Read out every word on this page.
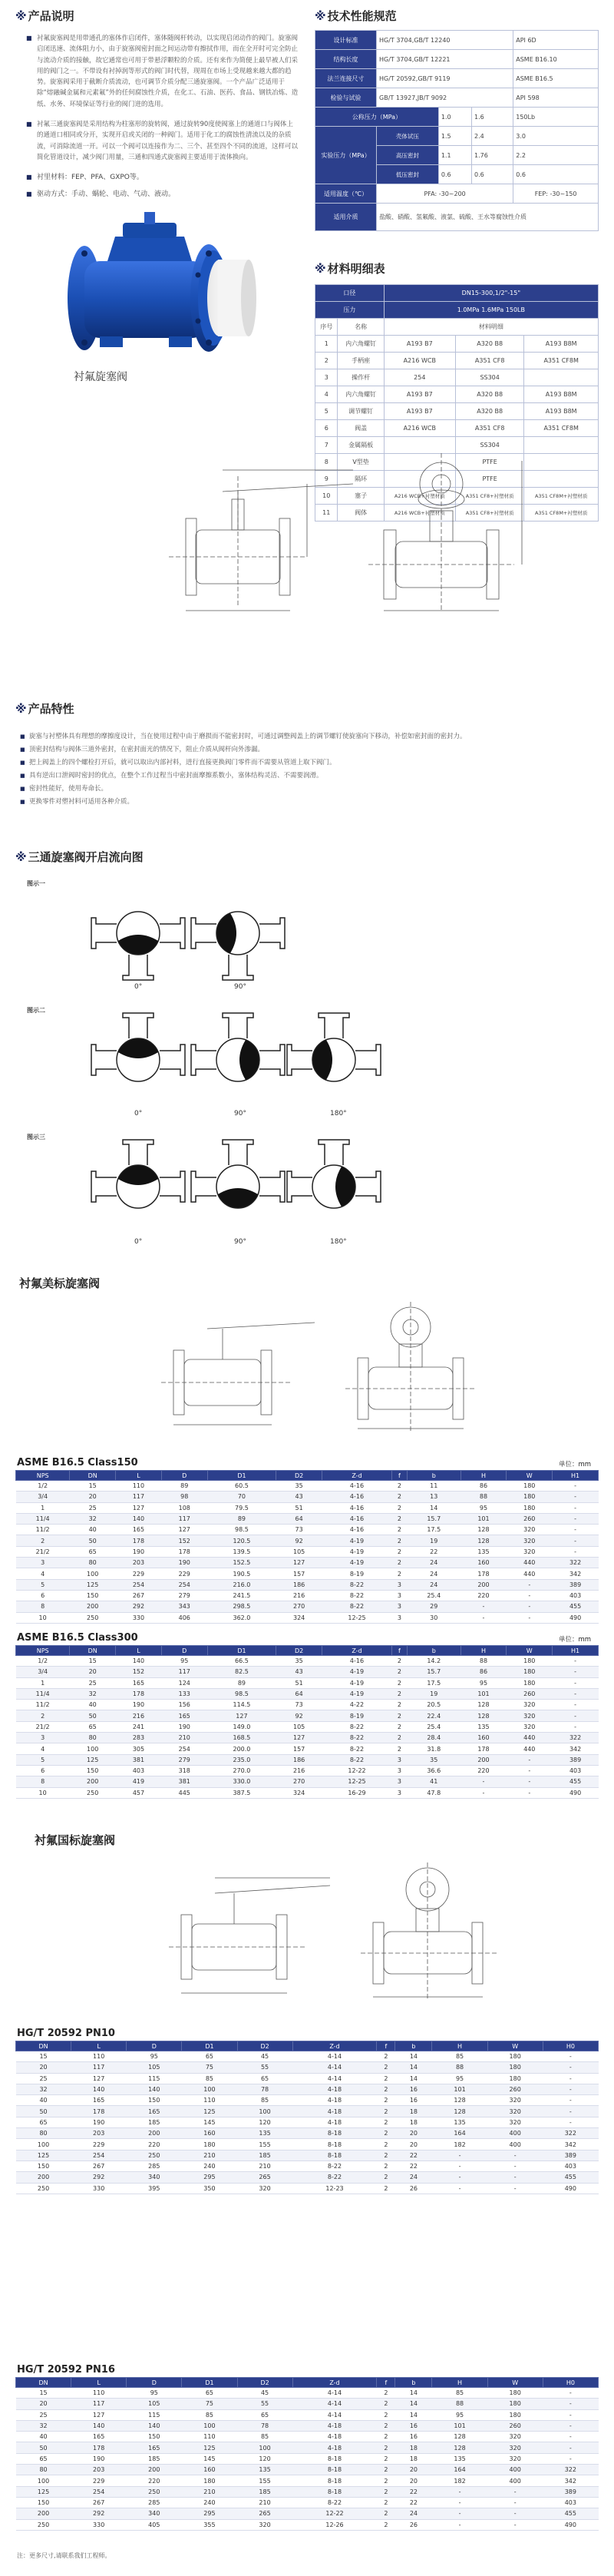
※ 产品说明
■ 衬氟旋塞阀是用带通孔的塞体作启闭件，塞体随阀杆转动，以实现启闭动作的阀门。旋塞阀启闭迅速、流体阻力小，由于旋塞阀密封面之间运动带有擦拭作用，而在全开时可完全防止与流动介质的接触，故它通常也可用于带悬浮颗粒的介质。还有来作为简便上最早被人们采用的阀门之一。不带设有衬掉润等形式的阀门时代替，现周在市场上受现越来越大都的趋势。旋塞阀采用于截断介质流动，也可调节介质分配三通旋塞阀。一个产品广泛适用于除“熔融碱金属和元素氟”外的任何腐蚀性介质，在化工、石油、医药、食品、钢铁冶炼、造纸、水务、环境保证等行业的阀门迸的选用。
■ 衬氟三通旋塞阀是采用结构为柱塞形的旋转阀，通过旋转90度使阀塞上的通道口与阀体上的通道口相同或分开，实现开启或关闭的一种阀门。适用于化工的腐蚀性清流以及的杂质流，可消除流道一开。可以一个阀可以连接作为二、三个、甚至四个不同的流道，这样可以简化管道设计，减少阀门用量，三通和四通式旋塞阀主要适用于流体换向。
■ 衬里材料：FEP、PFA、GXPO等。
■ 驱动方式：手动、蜗轮、电动、气动、液动。
衬氟旋塞阀
※ 技术性能规范
设计标准	HG/T 3704,GB/T 12240			API 6D
结构长度	HG/T 3704,GB/T 12221			ASME B16.10
法兰连接尺寸	HG/T 20592,GB/T 9119			ASME B16.5
检验与试验	GB/T 13927,JB/T 9092			API 598
公称压力（MPa）		1.0	1.6	150Lb
实验压力（MPa）	壳体试压	1.5	2.4	3.0
	高压密封	1.1	1.76	2.2
	低压密封	0.6	0.6	0.6
适用温度（℃）	PFA: -30~200			FEP: -30~150
适用介质	盐酸、硝酸、氢氟酸、液氯、硫酸、王水等腐蚀性介质			
※ 材料明细表
口径		DN15-300,1/2"-15"		
压力		1.0MPa 1.6MPa 150LB		
序号	名称	材料明细		
1	内六角螺钉	A193 B7	A320 B8	A193 B8M
2	手柄座	A216 WCB	A351 CF8	A351 CF8M
3	操作杆	254	SS304	
4	内六角螺钉	A193 B7	A320 B8	A193 B8M
5	调节螺钉	A193 B7	A320 B8	A193 B8M
6	阀盖	A216 WCB	A351 CF8	A351 CF8M
7	金属隔板		SS304	
8	V型垫		PTFE	
9	隔环		PTFE	
10	塞子	A216 WCB+衬塑材质	A351 CF8+衬塑材质	A351 CF8M+衬塑材质
11	阀体	A216 WCB+衬塑材质	A351 CF8+衬塑材质	A351 CF8M+衬塑材质
※ 产品特性
■ 旋塞与衬塑体具有理想的摩擦度设计，当在使用过程中由于磨损而不能密封时，可通过调整阀盖上的调节螺钉使旋塞向下移动，补偿如密封面的密封力。
■ 顶密封结构与阀体三道外密封，在密封面光的情况下，阻止介质从阀杆向外渗漏。
■ 把上阀盖上的四个螺栓打开后，就可以取出内部衬料，进行直接更换阀门零件而不需要从管道上取下阀门。
■ 具有逆出口泄阀时密封的优点，在整个工作过程当中密封面摩擦系数小，塞体结构灵活、不需要润滑。
■ 密封性能好，使用寿命长。
■ 更换零件对塑衬料可适用各种介质。
※ 三通旋塞阀开启流向图
图示一
图示二
图示三
0°	90°
0°	90°	180°
0°	90°	180°
衬氟美标旋塞阀
ASME B16.5 Class150	单位：mm
NPS	DN	L	D	D1	D2	Z-d	f	b	H	W	H1
1/2	15	110	89	60.5	35	4-16	2	11	86	180	-
3/4	20	117	98	70	43	4-16	2	13	88	180	-
1	25	127	108	79.5	51	4-16	2	14	95	180	-
11/4	32	140	117	89	64	4-16	2	15.7	101	260	-
11/2	40	165	127	98.5	73	4-16	2	17.5	128	320	-
2	50	178	152	120.5	92	4-19	2	19	128	320	-
21/2	65	190	178	139.5	105	4-19	2	22	135	320	-
3	80	203	190	152.5	127	4-19	2	24	160	440	322
4	100	229	229	190.5	157	8-19	2	24	178	440	342
5	125	254	254	216.0	186	8-22	3	24	200	-	389
6	150	267	279	241.5	216	8-22	3	25.4	220	-	403
8	200	292	343	298.5	270	8-22	3	29	-	-	455
10	250	330	406	362.0	324	12-25	3	30	-	-	490
ASME B16.5 Class300	单位：mm
NPS	DN	L	D	D1	D2	Z-d	f	b	H	W	H1
1/2	15	140	95	66.5	35	4-16	2	14.2	88	180	-
3/4	20	152	117	82.5	43	4-19	2	15.7	86	180	-
1	25	165	124	89	51	4-19	2	17.5	95	180	-
11/4	32	178	133	98.5	64	4-19	2	19	101	260	-
11/2	40	190	156	114.5	73	4-22	2	20.5	128	320	-
2	50	216	165	127	92	8-19	2	22.4	128	320	-
21/2	65	241	190	149.0	105	8-22	2	25.4	135	320	-
3	80	283	210	168.5	127	8-22	2	28.4	160	440	322
4	100	305	254	200.0	157	8-22	2	31.8	178	440	342
5	125	381	279	235.0	186	8-22	3	35	200	-	389
6	150	403	318	270.0	216	12-22	3	36.6	220	-	403
8	200	419	381	330.0	270	12-25	3	41	-	-	455
10	250	457	445	387.5	324	16-29	3	47.8	-	-	490
衬氟国标旋塞阀
HG/T 20592 PN10
DN	L	D	D1	D2	Z-d	f	b	H	W	H0
15	110	95	65	45	4-14	2	14	85	180	-
20	117	105	75	55	4-14	2	14	88	180	-
25	127	115	85	65	4-14	2	14	95	180	-
32	140	140	100	78	4-18	2	16	101	260	-
40	165	150	110	85	4-18	2	16	128	320	-
50	178	165	125	100	4-18	2	18	128	320	-
65	190	185	145	120	4-18	2	18	135	320	-
80	203	200	160	135	8-18	2	20	164	400	322
100	229	220	180	155	8-18	2	20	182	400	342
125	254	250	210	185	8-18	2	22	-	-	389
150	267	285	240	210	8-22	2	22	-	-	403
200	292	340	295	265	8-22	2	24	-	-	455
250	330	395	350	320	12-23	2	26	-	-	490
HG/T 20592 PN16
DN	L	D	D1	D2	Z-d	f	b	H	W	H0
15	110	95	65	45	4-14	2	14	85	180	-
20	117	105	75	55	4-14	2	14	88	180	-
25	127	115	85	65	4-14	2	14	95	180	-
32	140	140	100	78	4-18	2	16	101	260	-
40	165	150	110	85	4-18	2	16	128	320	-
50	178	165	125	100	4-18	2	18	128	320	-
65	190	185	145	120	8-18	2	18	135	320	-
80	203	200	160	135	8-18	2	20	164	400	322
100	229	220	180	155	8-18	2	20	182	400	342
125	254	250	210	185	8-18	2	22	-	-	389
150	267	285	240	210	8-22	2	22	-	-	403
200	292	340	295	265	12-22	2	24	-	-	455
250	330	405	355	320	12-26	2	26	-	-	490
注：更多尺寸,请联系我们工程师。
